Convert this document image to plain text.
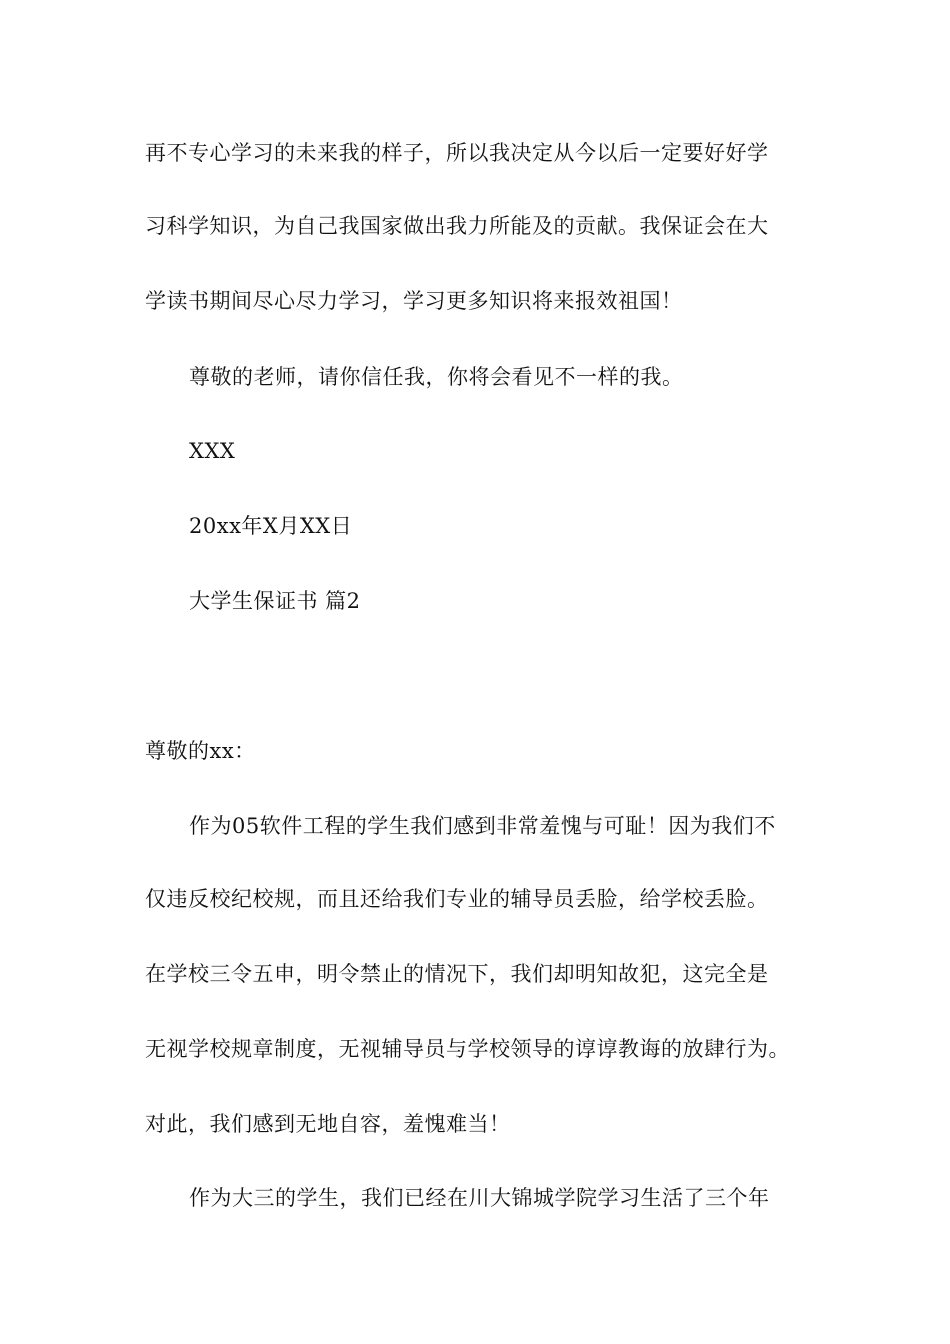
再不专心学习的未来我的样子，所以我决定从今以后一定要好好学
习科学知识，为自己我国家做出我力所能及的贡献。我保证会在大
学读书期间尽心尽力学习，学习更多知识将来报效祖国！
尊敬的老师，请你信任我，你将会看见不一样的我。
XXX
20xx年X月XX日
大学生保证书 篇2
尊敬的xx：
作为05软件工程的学生我们感到非常羞愧与可耻！因为我们不
仅违反校纪校规，而且还给我们专业的辅导员丢脸，给学校丢脸。
在学校三令五申，明令禁止的情况下，我们却明知故犯，这完全是
无视学校规章制度，无视辅导员与学校领导的谆谆教诲的放肆行为。
对此，我们感到无地自容，羞愧难当！
作为大三的学生，我们已经在川大锦城学院学习生活了三个年
